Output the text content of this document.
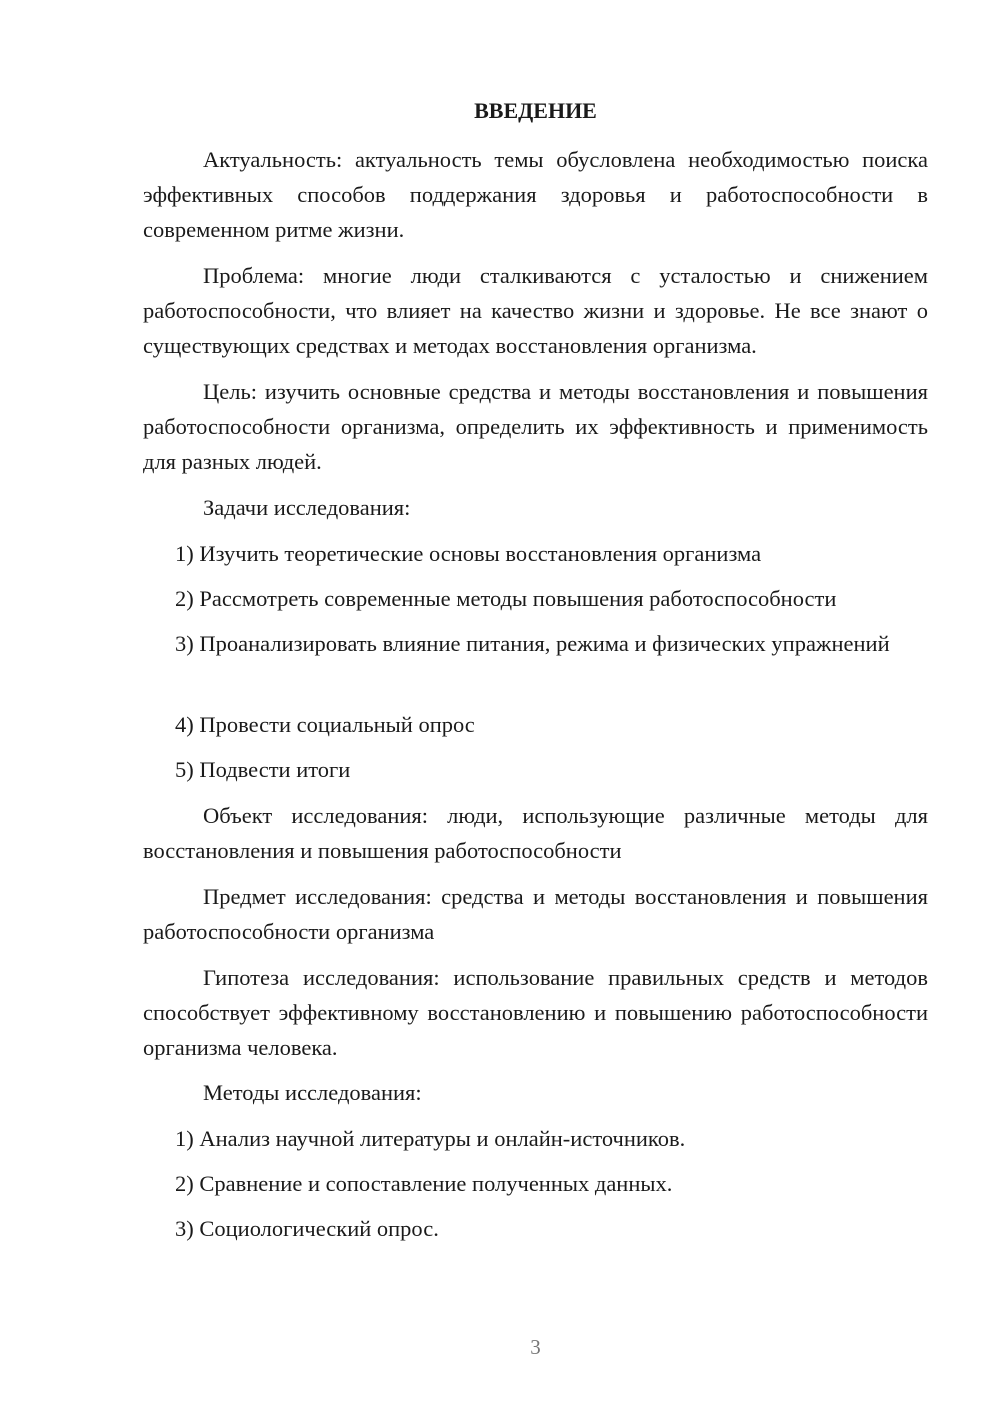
ВВЕДЕНИЕ
Актуальность: актуальность темы обусловлена необходимостью поиска эффективных способов поддержания здоровья и работоспособности в современном ритме жизни.
Проблема: многие люди сталкиваются с усталостью и снижением работоспособности, что влияет на качество жизни и здоровье. Не все знают о существующих средствах и методах восстановления организма.
Цель: изучить основные средства и методы восстановления и повышения работоспособности организма, определить их эффективность и применимость для разных людей.
Задачи исследования:
1) Изучить теоретические основы восстановления организма
2) Рассмотреть современные методы повышения работоспособности
3) Проанализировать влияние питания, режима и физических упражнений
4) Провести социальный опрос
5) Подвести итоги
Объект исследования: люди, использующие различные методы для восстановления и повышения работоспособности
Предмет исследования: средства и методы восстановления и повышения работоспособности организма
Гипотеза исследования: использование правильных средств и методов способствует эффективному восстановлению и повышению работоспособности организма человека.
Методы исследования:
1) Анализ научной литературы и онлайн-источников.
2) Сравнение и сопоставление полученных данных.
3) Социологический опрос.
3
